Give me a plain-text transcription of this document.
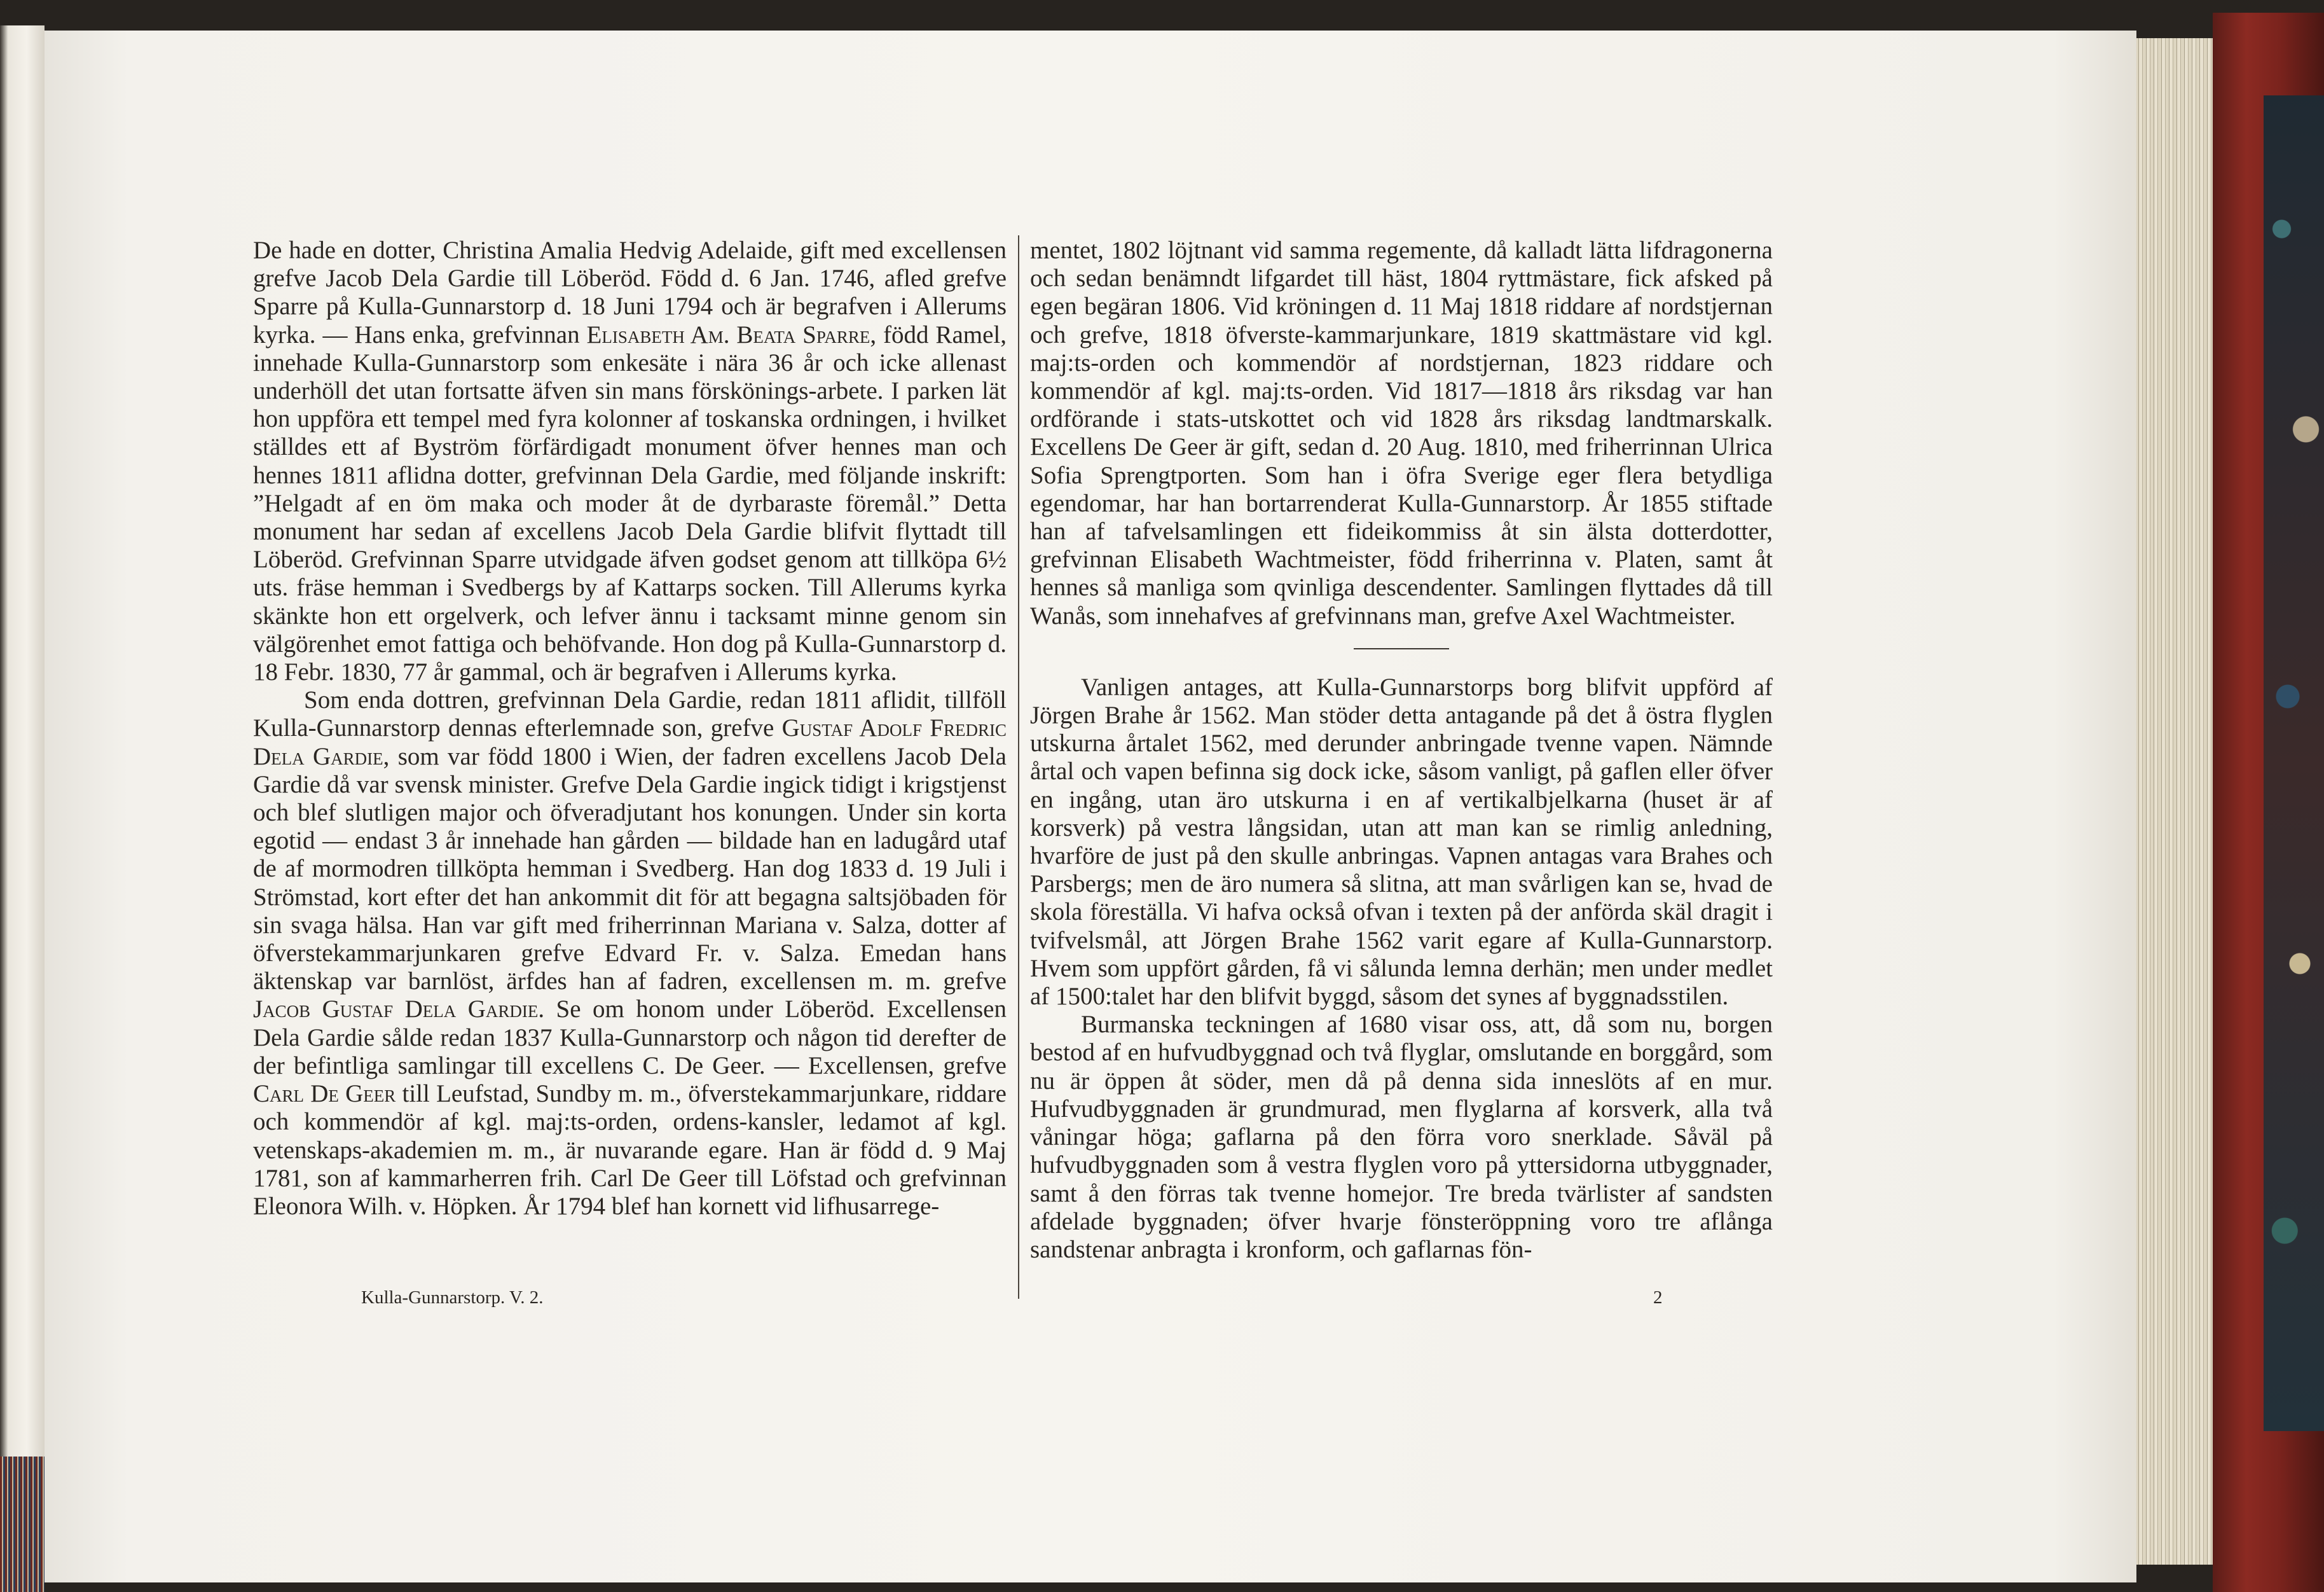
De hade en dotter, Christina Amalia Hedvig Adelaide, gift med excellensen grefve Jacob Dela Gardie till Löberöd. Född d. 6 Jan. 1746, afled grefve Sparre på Kulla-Gunnarstorp d. 18 Juni 1794 och är begrafven i Allerums kyrka. — Hans enka, grefvinnan Elisabeth Am. Beata Sparre, född Ramel, innehade Kulla-Gunnarstorp som enkesäte i nära 36 år och icke allenast underhöll det utan fortsatte äfven sin mans förskönings-arbete. I parken lät hon uppföra ett tempel med fyra kolonner af toskanska ordningen, i hvilket ställdes ett af Byström förfärdigadt monument öfver hennes man och hennes 1811 aflidna dotter, grefvinnan Dela Gardie, med följande inskrift: ”Helgadt af en öm maka och moder åt de dyrbaraste föremål.” Detta monument har sedan af excellens Jacob Dela Gardie blifvit flyttadt till Löberöd. Grefvinnan Sparre utvidgade äfven godset genom att tillköpa 6½ uts. fräse hemman i Svedbergs by af Kattarps socken. Till Allerums kyrka skänkte hon ett orgelverk, och lefver ännu i tacksamt minne genom sin välgörenhet emot fattiga och behöfvande. Hon dog på Kulla-Gunnarstorp d. 18 Febr. 1830, 77 år gammal, och är begrafven i Allerums kyrka.

Som enda dottren, grefvinnan Dela Gardie, redan 1811 aflidit, tillföll Kulla-Gunnarstorp dennas efterlemnade son, grefve Gustaf Adolf Fredric Dela Gardie, som var född 1800 i Wien, der fadren excellens Jacob Dela Gardie då var svensk minister. Grefve Dela Gardie ingick tidigt i krigstjenst och blef slutligen major och öfveradjutant hos konungen. Under sin korta egotid — endast 3 år innehade han gården — bildade han en ladugård utaf de af mormodren tillköpta hemman i Svedberg. Han dog 1833 d. 19 Juli i Strömstad, kort efter det han ankommit dit för att begagna saltsjöbaden för sin svaga hälsa. Han var gift med friherrinnan Mariana v. Salza, dotter af öfverstekammarjunkaren grefve Edvard Fr. v. Salza. Emedan hans äktenskap var barnlöst, ärfdes han af fadren, excellensen m. m. grefve Jacob Gustaf Dela Gardie. Se om honom under Löberöd. Excellensen Dela Gardie sålde redan 1837 Kulla-Gunnarstorp och någon tid derefter de der befintliga samlingar till excellens C. De Geer. — Excellensen, grefve Carl De Geer till Leufstad, Sundby m. m., öfverstekammarjunkare, riddare och kommendör af kgl. maj:ts-orden, ordens-kansler, ledamot af kgl. vetenskaps-akademien m. m., är nuvarande egare. Han är född d. 9 Maj 1781, son af kammarherren frih. Carl De Geer till Löfstad och grefvinnan Eleonora Wilh. v. Höpken. År 1794 blef han kornett vid lifhusarrege-

mentet, 1802 löjtnant vid samma regemente, då kalladt lätta lifdragonerna och sedan benämndt lifgardet till häst, 1804 ryttmästare, fick afsked på egen begäran 1806. Vid kröningen d. 11 Maj 1818 riddare af nordstjernan och grefve, 1818 öfverste-kammarjunkare, 1819 skattmästare vid kgl. maj:ts-orden och kommendör af nordstjernan, 1823 riddare och kommendör af kgl. maj:ts-orden. Vid 1817—1818 års riksdag var han ordförande i stats-utskottet och vid 1828 års riksdag landtmarskalk. Excellens De Geer är gift, sedan d. 20 Aug. 1810, med friherrinnan Ulrica Sofia Sprengtporten. Som han i öfra Sverige eger flera betydliga egendomar, har han bortarrenderat Kulla-Gunnarstorp. År 1855 stiftade han af tafvelsamlingen ett fideikommiss åt sin älsta dotterdotter, grefvinnan Elisabeth Wachtmeister, född friherrinna v. Platen, samt åt hennes så manliga som qvinliga descendenter. Samlingen flyttades då till Wanås, som innehafves af grefvinnans man, grefve Axel Wachtmeister.

Vanligen antages, att Kulla-Gunnarstorps borg blifvit uppförd af Jörgen Brahe år 1562. Man stöder detta antagande på det å östra flyglen utskurna årtalet 1562, med derunder anbringade tvenne vapen. Nämnde årtal och vapen befinna sig dock icke, såsom vanligt, på gaflen eller öfver en ingång, utan äro utskurna i en af vertikalbjelkarna (huset är af korsverk) på vestra långsidan, utan att man kan se rimlig anledning, hvarföre de just på den skulle anbringas. Vapnen antagas vara Brahes och Parsbergs; men de äro numera så slitna, att man svårligen kan se, hvad de skola föreställa. Vi hafva också ofvan i texten på der anförda skäl dragit i tvifvelsmål, att Jörgen Brahe 1562 varit egare af Kulla-Gunnarstorp. Hvem som uppfört gården, få vi sålunda lemna derhän; men under medlet af 1500:talet har den blifvit byggd, såsom det synes af byggnadsstilen.

Burmanska teckningen af 1680 visar oss, att, då som nu, borgen bestod af en hufvudbyggnad och två flyglar, omslutande en borggård, som nu är öppen åt söder, men då på denna sida inneslöts af en mur. Hufvudbyggnaden är grundmurad, men flyglarna af korsverk, alla två våningar höga; gaflarna på den förra voro snerklade. Såväl på hufvudbyggnaden som å vestra flyglen voro på yttersidorna utbyggnader, samt å den förras tak tvenne homejor. Tre breda tvärlister af sandsten afdelade byggnaden; öfver hvarje fönsteröppning voro tre aflånga sandstenar anbragta i kronform, och gaflarnas fön-

Kulla-Gunnarstorp. V. 2.	2
